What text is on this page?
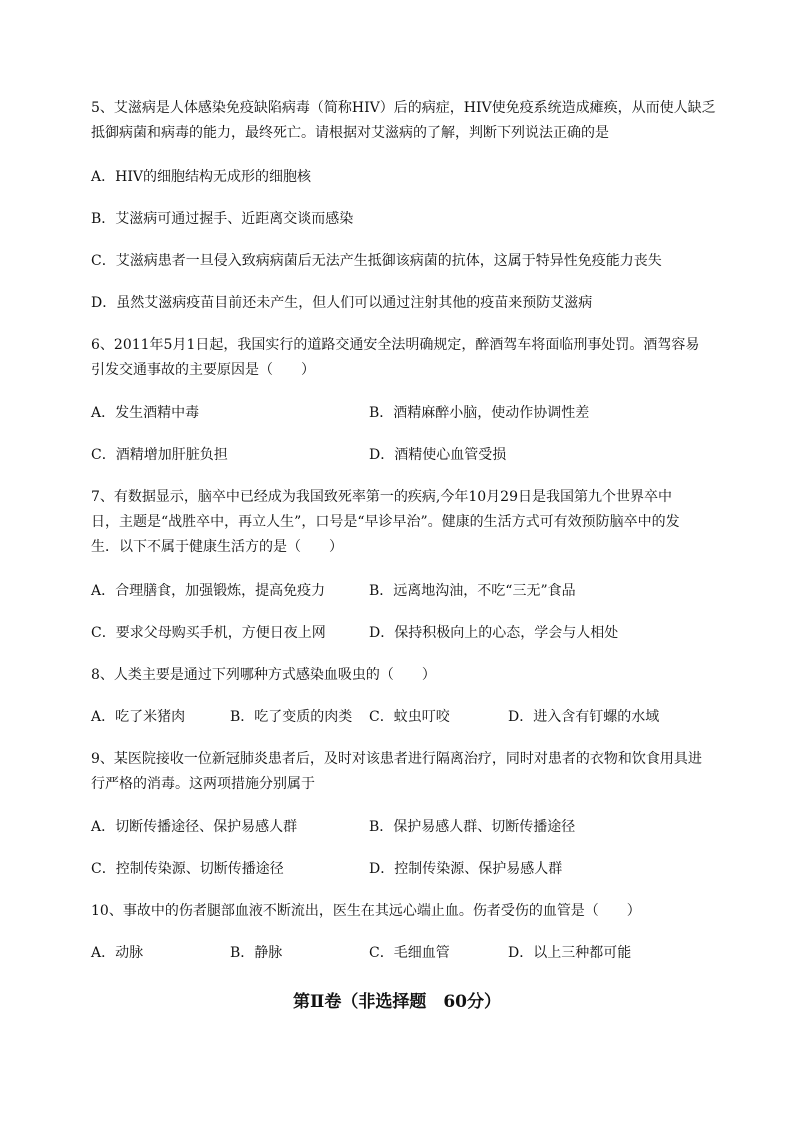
5、艾滋病是人体感染免疫缺陷病毒（简称HIV）后的病症，HIV使免疫系统造成瘫痪，从而使人缺乏
抵御病菌和病毒的能力，最终死亡。请根据对艾滋病的了解，判断下列说法正确的是
A．HIV的细胞结构无成形的细胞核
B．艾滋病可通过握手、近距离交谈而感染
C．艾滋病患者一旦侵入致病病菌后无法产生抵御该病菌的抗体，这属于特异性免疫能力丧失
D．虽然艾滋病疫苗目前还未产生，但人们可以通过注射其他的疫苗来预防艾滋病
6、2011年5月1日起，我国实行的道路交通安全法明确规定，醉酒驾车将面临刑事处罚。酒驾容易
引发交通事故的主要原因是（　　）
A．发生酒精中毒	B．酒精麻醉小脑，使动作协调性差
C．酒精增加肝脏负担	D．酒精使心血管受损
7、有数据显示，脑卒中已经成为我国致死率第一的疾病,今年10月29日是我国第九个世界卒中
日，主题是“战胜卒中，再立人生”，口号是“早诊早治”。健康的生活方式可有效预防脑卒中的发
生．以下不属于健康生活方的是（　　）
A．合理膳食，加强锻炼，提高免疫力	B．远离地沟油，不吃“三无”食品
C．要求父母购买手机，方便日夜上网	D．保持积极向上的心态，学会与人相处
8、人类主要是通过下列哪种方式感染血吸虫的（　　）
A．吃了米猪肉	B．吃了变质的肉类 C．蚊虫叮咬	D．进入含有钉螺的水域
9、某医院接收一位新冠肺炎患者后，及时对该患者进行隔离治疗，同时对患者的衣物和饮食用具进
行严格的消毒。这两项措施分别属于
A．切断传播途径、保护易感人群	B．保护易感人群、切断传播途径
C．控制传染源、切断传播途径	D．控制传染源、保护易感人群
10、事故中的伤者腿部血液不断流出，医生在其远心端止血。伤者受伤的血管是（　　）
A．动脉	B．静脉	C．毛细血管	D．以上三种都可能
第Ⅱ卷（非选择题　60分）
